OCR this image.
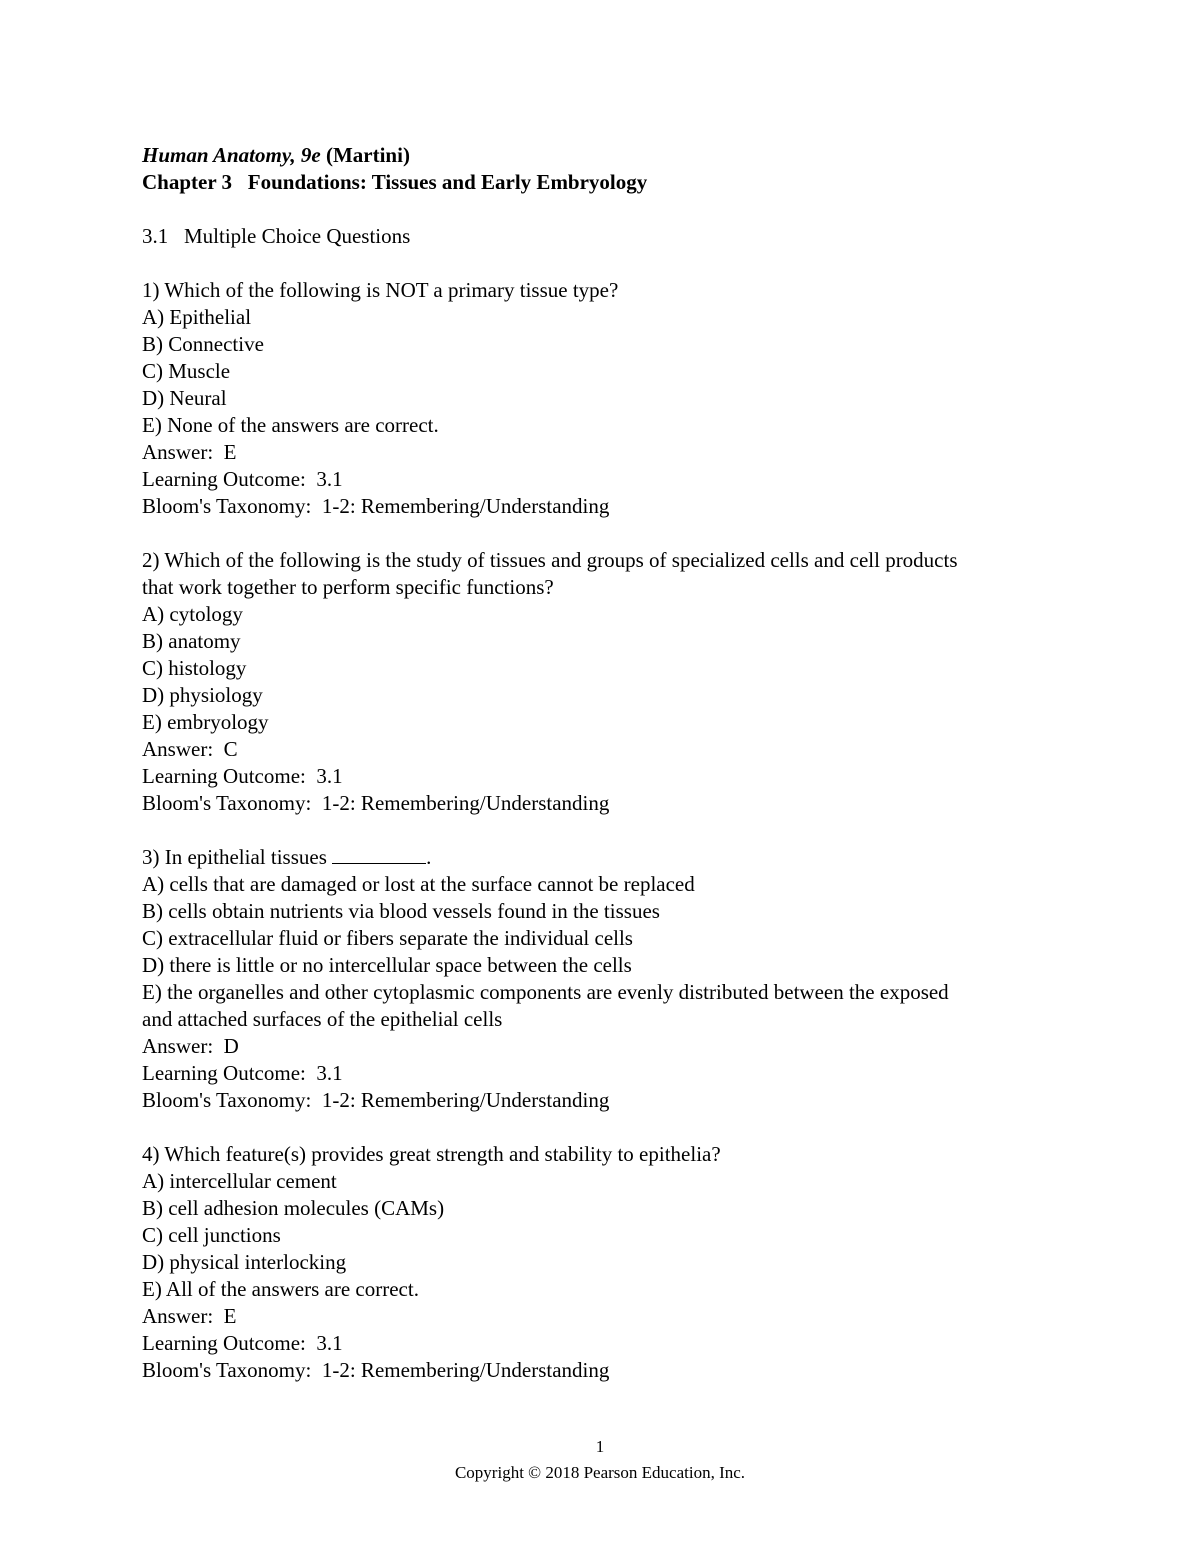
Human Anatomy, 9e (Martini)
Chapter 3   Foundations: Tissues and Early Embryology
3.1   Multiple Choice Questions
1) Which of the following is NOT a primary tissue type?
A) Epithelial
B) Connective
C) Muscle
D) Neural
E) None of the answers are correct.
Answer:  E
Learning Outcome:  3.1
Bloom's Taxonomy:  1-2: Remembering/Understanding
2) Which of the following is the study of tissues and groups of specialized cells and cell products
that work together to perform specific functions?
A) cytology
B) anatomy
C) histology
D) physiology
E) embryology
Answer:  C
Learning Outcome:  3.1
Bloom's Taxonomy:  1-2: Remembering/Understanding
3) In epithelial tissues	.
A) cells that are damaged or lost at the surface cannot be replaced
B) cells obtain nutrients via blood vessels found in the tissues
C) extracellular fluid or fibers separate the individual cells
D) there is little or no intercellular space between the cells
E) the organelles and other cytoplasmic components are evenly distributed between the exposed
and attached surfaces of the epithelial cells
Answer:  D
Learning Outcome:  3.1
Bloom's Taxonomy:  1-2: Remembering/Understanding
4) Which feature(s) provides great strength and stability to epithelia?
A) intercellular cement
B) cell adhesion molecules (CAMs)
C) cell junctions
D) physical interlocking
E) All of the answers are correct.
Answer:  E
Learning Outcome:  3.1
Bloom's Taxonomy:  1-2: Remembering/Understanding
1
Copyright © 2018 Pearson Education, Inc.
